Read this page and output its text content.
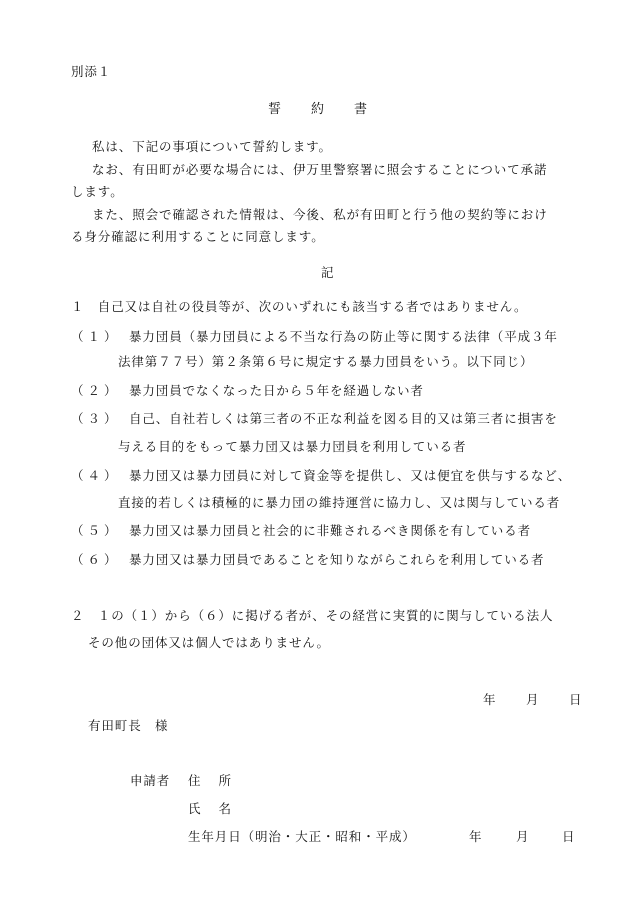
別添１
誓約書
私は、下記の事項について誓約します。
なお、有田町が必要な場合には、伊万里警察署に照会することについて承諾
します。
また、照会で確認された情報は、今後、私が有田町と行う他の契約等におけ
る身分確認に利用することに同意します。
記
１　自己又は自社の役員等が、次のいずれにも該当する者ではありません。
（１） 暴力団員（暴力団員による不当な行為の防止等に関する法律（平成３年
法律第７７号）第２条第６号に規定する暴力団員をいう。以下同じ）
（２） 暴力団員でなくなった日から５年を経過しない者
（３） 自己、自社若しくは第三者の不正な利益を図る目的又は第三者に損害を
与える目的をもって暴力団又は暴力団員を利用している者
（４） 暴力団又は暴力団員に対して資金等を提供し、又は便宜を供与するなど、
直接的若しくは積極的に暴力団の維持運営に協力し、又は関与している者
（５） 暴力団又は暴力団員と社会的に非難されるべき関係を有している者
（６） 暴力団又は暴力団員であることを知りながらこれらを利用している者
２　１の（１）から（６）に掲げる者が、その経営に実質的に関与している法人
その他の団体又は個人ではありません。
年 月 日
有田町長　様
申請者 住所
氏名
生年月日（明治・大正・昭和・平成）	年	月	日
